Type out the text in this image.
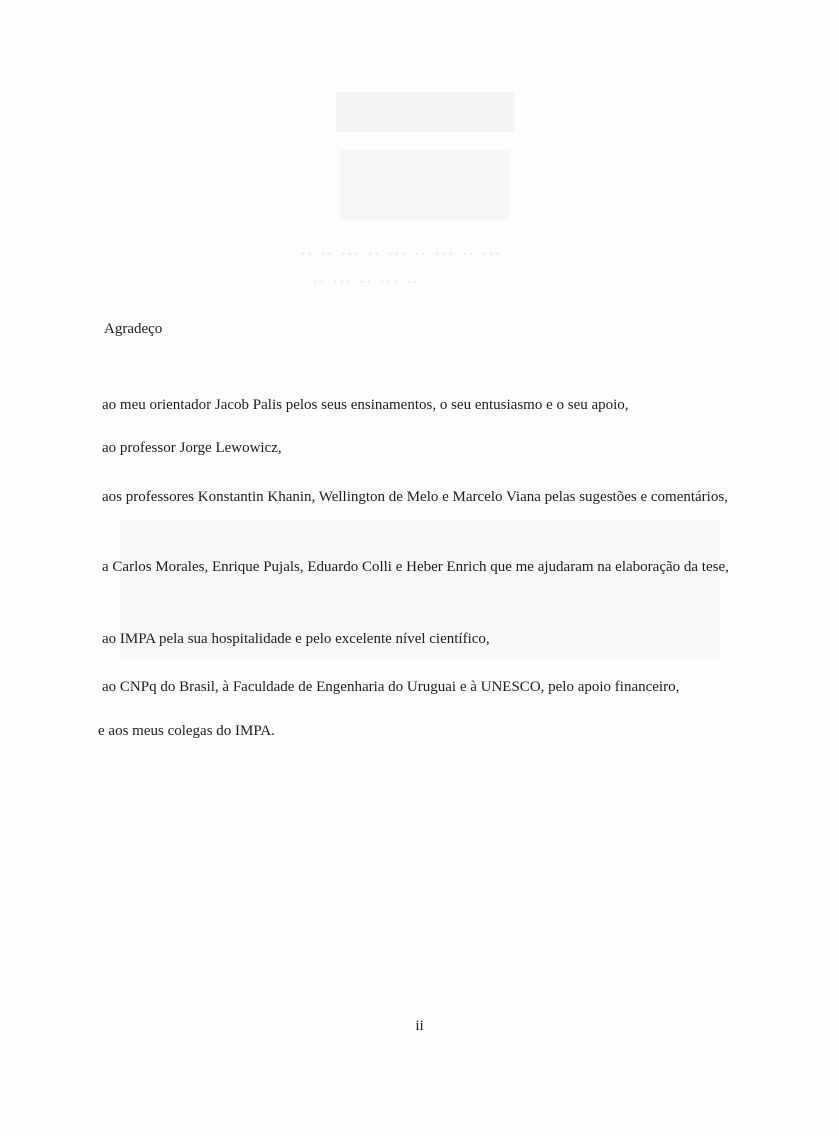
·· ·· ··· ·· ··· ·· ··· ·· ···
·· ··· ·· ··· ··
Agradeço
ao meu orientador Jacob Palis pelos seus ensinamentos, o seu entusiasmo e o seu apoio,
ao professor Jorge Lewowicz,
aos professores Konstantin Khanin, Wellington de Melo e Marcelo Viana pelas sugestões e comentários,
a Carlos Morales, Enrique Pujals, Eduardo Colli e Heber Enrich que me ajudaram na elaboração da tese,
ao IMPA pela sua hospitalidade e pelo excelente nível científico,
ao CNPq do Brasil, à Faculdade de Engenharia do Uruguai e à UNESCO, pelo apoio financeiro,
e aos meus colegas do IMPA.
ii
